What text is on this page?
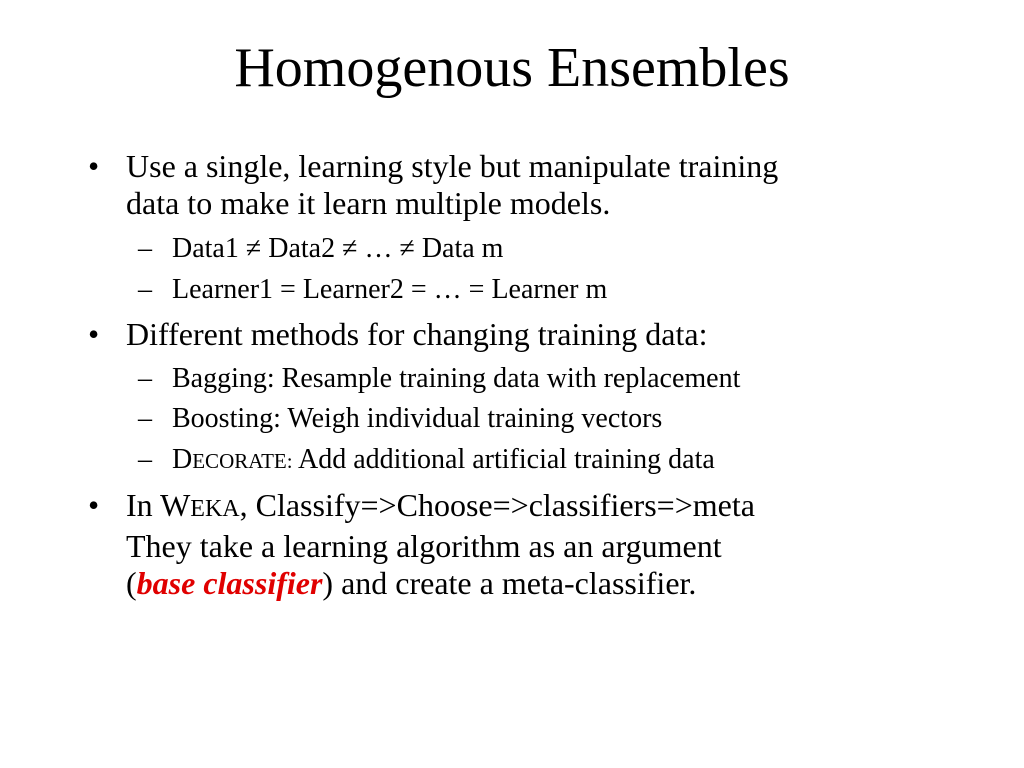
Homogenous Ensembles
• Use a single, learning style but manipulate training
data to make it learn multiple models.
– Data1 ≠ Data2 ≠ … ≠ Data m
– Learner1 = Learner2 = … = Learner m
• Different methods for changing training data:
– Bagging: Resample training data with replacement
– Boosting: Weigh individual training vectors
– DECORATE: Add additional artificial training data
• In WEKA, Classify=>Choose=>classifiers=>meta
They take a learning algorithm as an argument
(base classifier) and create a meta-classifier.
